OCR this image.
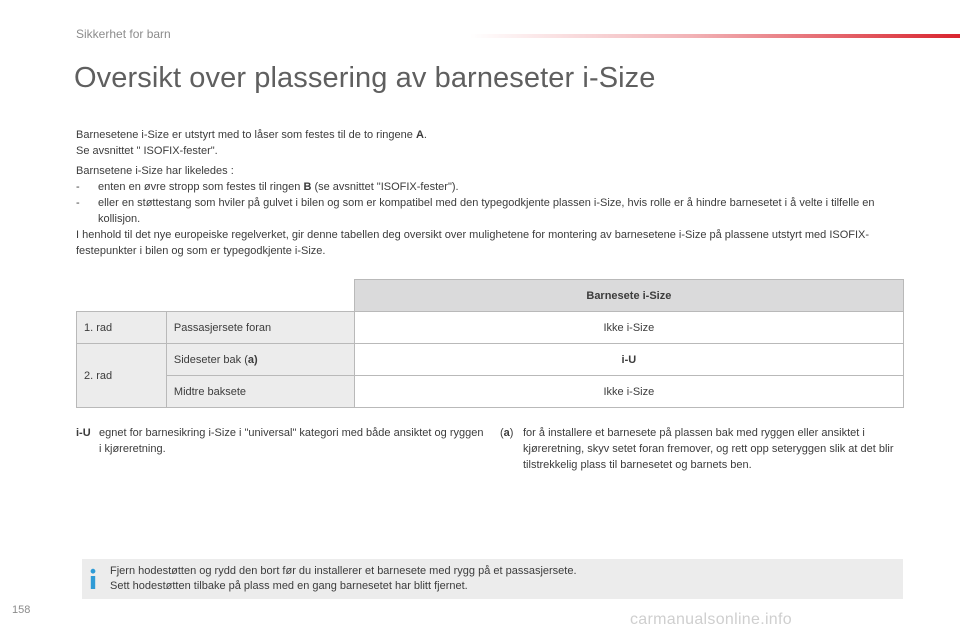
Sikkerhet for barn
Oversikt over plassering av barneseter i-Size
Barnesetene i-Size er utstyrt med to låser som festes til de to ringene A.
Se avsnittet " ISOFIX-fester".
Barnsetene i-Size har likeledes :
-	enten en øvre stropp som festes til ringen B (se avsnittet "ISOFIX-fester").
-	eller en støttestang som hviler på gulvet i bilen og som er kompatibel med den typegodkjente plassen i-Size, hvis rolle er å hindre barnesetet i å velte i tilfelle en kollisjon.
I henhold til det nye europeiske regelverket, gir denne tabellen deg oversikt over mulighetene for montering av barnesetene i-Size på plassene utstyrt med ISOFIX-festepunkter i bilen og som er typegodkjente i-Size.
		Barnesete i-Size
1. rad	Passasjersete foran	Ikke i-Size
2. rad	Sideseter bak (a)	i-U
	Midtre baksete	Ikke i-Size
i-U egnet for barnesikring i-Size i "universal" kategori med både ansiktet og ryggen i kjøreretning.
(a) for å installere et barnesete på plassen bak med ryggen eller ansiktet i kjøreretning, skyv setet foran fremover, og rett opp seteryggen slik at det blir tilstrekkelig plass til barnesetet og barnets ben.
Fjern hodestøtten og rydd den bort før du installerer et barnesete med rygg på et passasjersete.
Sett hodestøtten tilbake på plass med en gang barnesetet har blitt fjernet.
158
carmanualsonline.info
